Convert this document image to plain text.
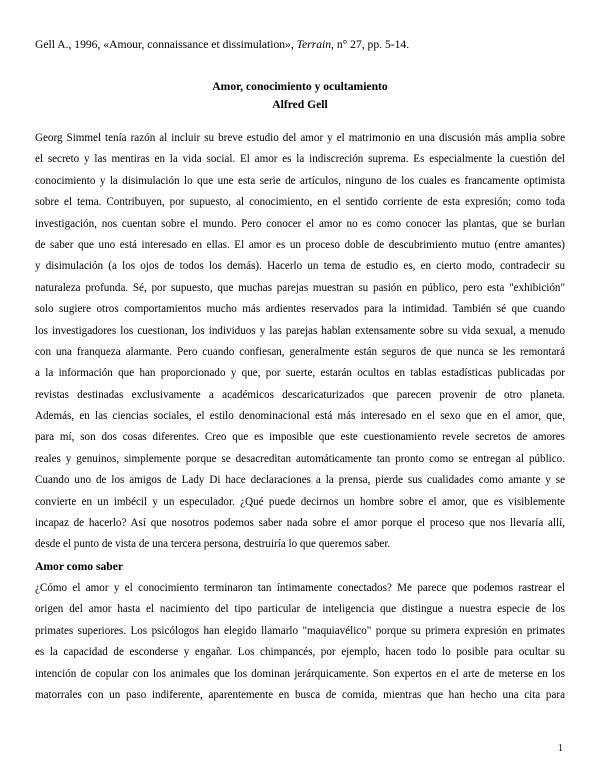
Gell A., 1996, «Amour, connaissance et dissimulation», Terrain, n° 27, pp. 5-14.
Amor, conocimiento y ocultamiento
Alfred Gell
Georg Simmel tenía razón al incluir su breve estudio del amor y el matrimonio en una discusión más amplia sobre
el secreto y las mentiras en la vida social. El amor es la indiscreción suprema. Es especialmente la cuestión del
conocimiento y la disimulación lo que une esta serie de artículos, ninguno de los cuales es francamente optimista
sobre el tema. Contribuyen, por supuesto, al conocimiento, en el sentido corriente de esta expresión; como toda
investigación, nos cuentan sobre el mundo. Pero conocer el amor no es como conocer las plantas, que se burlan
de saber que uno está interesado en ellas. El amor es un proceso doble de descubrimiento mutuo (entre amantes)
y disimulación (a los ojos de todos los demás). Hacerlo un tema de estudio es, en cierto modo, contradecir su
naturaleza profunda. Sé, por supuesto, que muchas parejas muestran su pasión en público, pero esta "exhibición"
solo sugiere otros comportamientos mucho más ardientes reservados para la intimidad. También sé que cuando
los investigadores los cuestionan, los individuos y las parejas hablan extensamente sobre su vida sexual, a menudo
con una franqueza alarmante. Pero cuando confiesan, generalmente están seguros de que nunca se les remontará
a la información que han proporcionado y que, por suerte, estarán ocultos en tablas estadísticas publicadas por
revistas destinadas exclusivamente a académicos descaricaturizados que parecen provenir de otro planeta.
Además, en las ciencias sociales, el estilo denominacional está más interesado en el sexo que en el amor, que,
para mí, son dos cosas diferentes. Creo que es imposible que este cuestionamiento revele secretos de amores
reales y genuinos, simplemente porque se desacreditan automáticamente tan pronto como se entregan al público.
Cuando uno de los amigos de Lady Di hace declaraciones a la prensa, pierde sus cualidades como amante y se
convierte en un imbécil y un especulador. ¿Qué puede decirnos un hombre sobre el amor, que es visiblemente
incapaz de hacerlo? Así que nosotros podemos saber nada sobre el amor porque el proceso que nos llevaría allí,
desde el punto de vista de una tercera persona, destruiría lo que queremos saber.
Amor como saber
¿Cómo el amor y el conocimiento terminaron tan íntimamente conectados? Me parece que podemos rastrear el
origen del amor hasta el nacimiento del tipo particular de inteligencia que distingue a nuestra especie de los
primates superiores. Los psicólogos han elegido llamarlo "maquiavélico" porque su primera expresión en primates
es la capacidad de esconderse y engañar. Los chimpancés, por ejemplo, hacen todo lo posible para ocultar su
intención de copular con los animales que los dominan jerárquicamente. Son expertos en el arte de meterse en los
matorrales con un paso indiferente, aparentemente en busca de comida, mientras que han hecho una cita para
1
